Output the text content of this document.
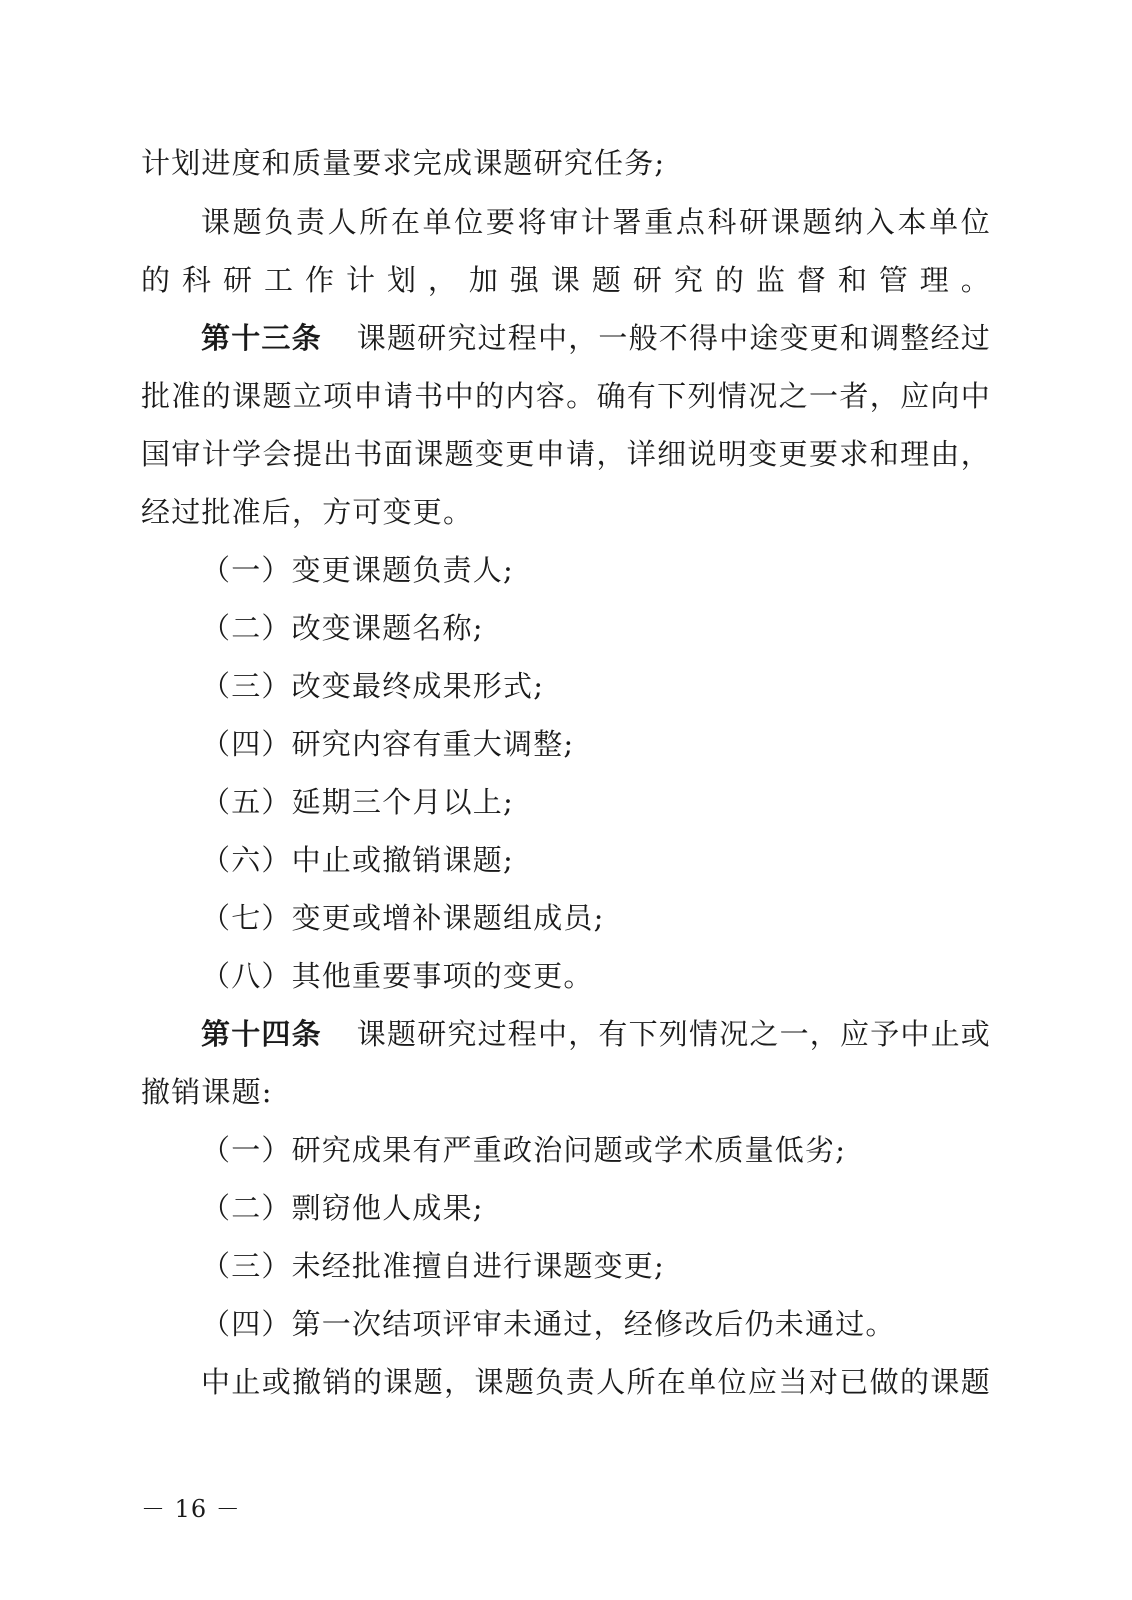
计划进度和质量要求完成课题研究任务;
课题负责人所在单位要将审计署重点科研课题纳入本单位
的科研工作计划，加强课题研究的监督和管理。
第十三条 课题研究过程中，一般不得中途变更和调整经过
批准的课题立项申请书中的内容。确有下列情况之一者，应向中
国审计学会提出书面课题变更申请，详细说明变更要求和理由，
经过批准后，方可变更。
（一）变更课题负责人;
（二）改变课题名称;
（三）改变最终成果形式;
（四）研究内容有重大调整;
（五）延期三个月以上;
（六）中止或撤销课题;
（七）变更或增补课题组成员;
（八）其他重要事项的变更。
第十四条 课题研究过程中，有下列情况之一，应予中止或
撤销课题:
（一）研究成果有严重政治问题或学术质量低劣;
（二）剽窃他人成果;
（三）未经批准擅自进行课题变更;
（四）第一次结项评审未通过，经修改后仍未通过。
中止或撤销的课题，课题负责人所在单位应当对已做的课题
－ 16 －
